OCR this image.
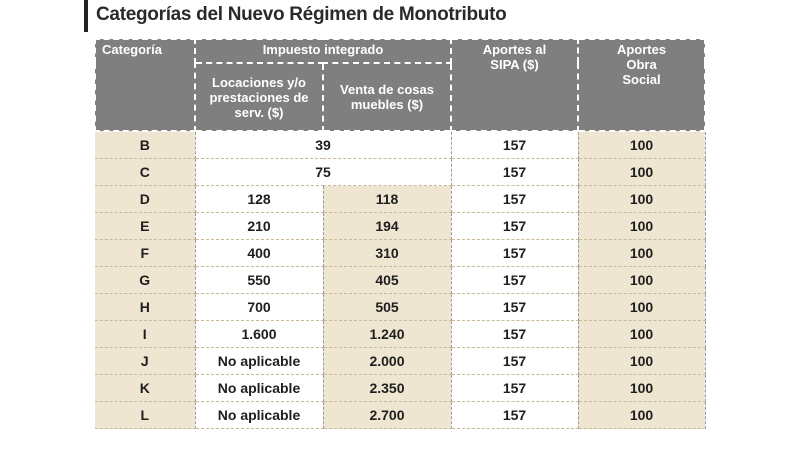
Categorías del Nuevo Régimen de Monotributo
Categoría	Impuesto integrado		Aportes al SIPA ($)	Aportes Obra Social
	Locaciones y/o prestaciones de serv. ($)	Venta de cosas muebles ($)		
B	39		157	100
C	75		157	100
D	128	118	157	100
E	210	194	157	100
F	400	310	157	100
G	550	405	157	100
H	700	505	157	100
I	1.600	1.240	157	100
J	No aplicable	2.000	157	100
K	No aplicable	2.350	157	100
L	No aplicable	2.700	157	100
